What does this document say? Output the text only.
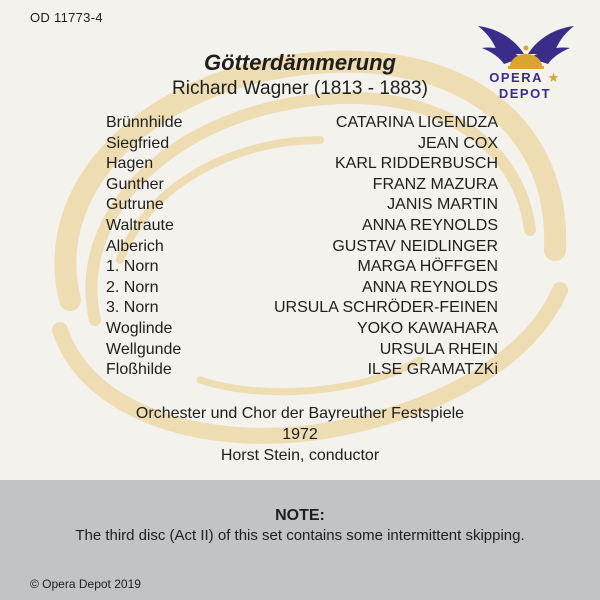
OD 11773-4
OPERA ★ DEPOT
Götterdämmerung
Richard Wagner (1813 - 1883)
Brünnhilde	CATARINA LIGENDZA
Siegfried	JEAN COX
Hagen	KARL RIDDERBUSCH
Gunther	FRANZ MAZURA
Gutrune	JANIS MARTIN
Waltraute	ANNA REYNOLDS
Alberich	GUSTAV NEIDLINGER
1. Norn	MARGA HÖFFGEN
2. Norn	ANNA REYNOLDS
3. Norn	URSULA SCHRÖDER-FEINEN
Woglinde	YOKO KAWAHARA
Wellgunde	URSULA RHEIN
Floßhilde	ILSE GRAMATZKi
Orchester und Chor der Bayreuther Festspiele
1972
Horst Stein, conductor
NOTE:
The third disc (Act II) of this set contains some intermittent skipping.
© Opera Depot 2019
